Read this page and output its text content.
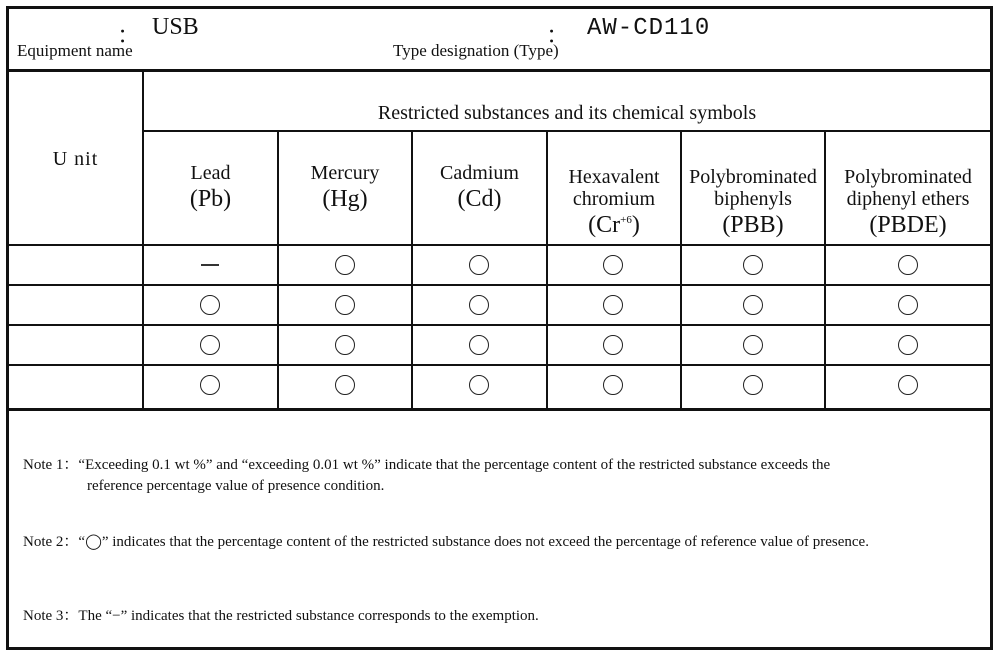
： USB
Equipment name	： AW-CD110
Type designation (Type)
U nit
Restricted substances and its chemical symbols
Lead
(Pb)
Mercury
(Hg)
Cadmium
(Cd)
Hexavalent
chromium
$(Cr^{+6})$
Polybrominated
biphenyls
(PBB)
Polybrominated
diphenyl ethers
(PBDE)
Note 1：“Exceeding 0.1 wt %” and “exceeding 0.01 wt %” indicate that the percentage content of the restricted substance exceeds the
reference percentage value of presence condition.
Note 2：“◯” indicates that the percentage content of the restricted substance does not exceed the percentage of reference value of presence.
Note 3：The “−” indicates that the restricted substance corresponds to the exemption.
